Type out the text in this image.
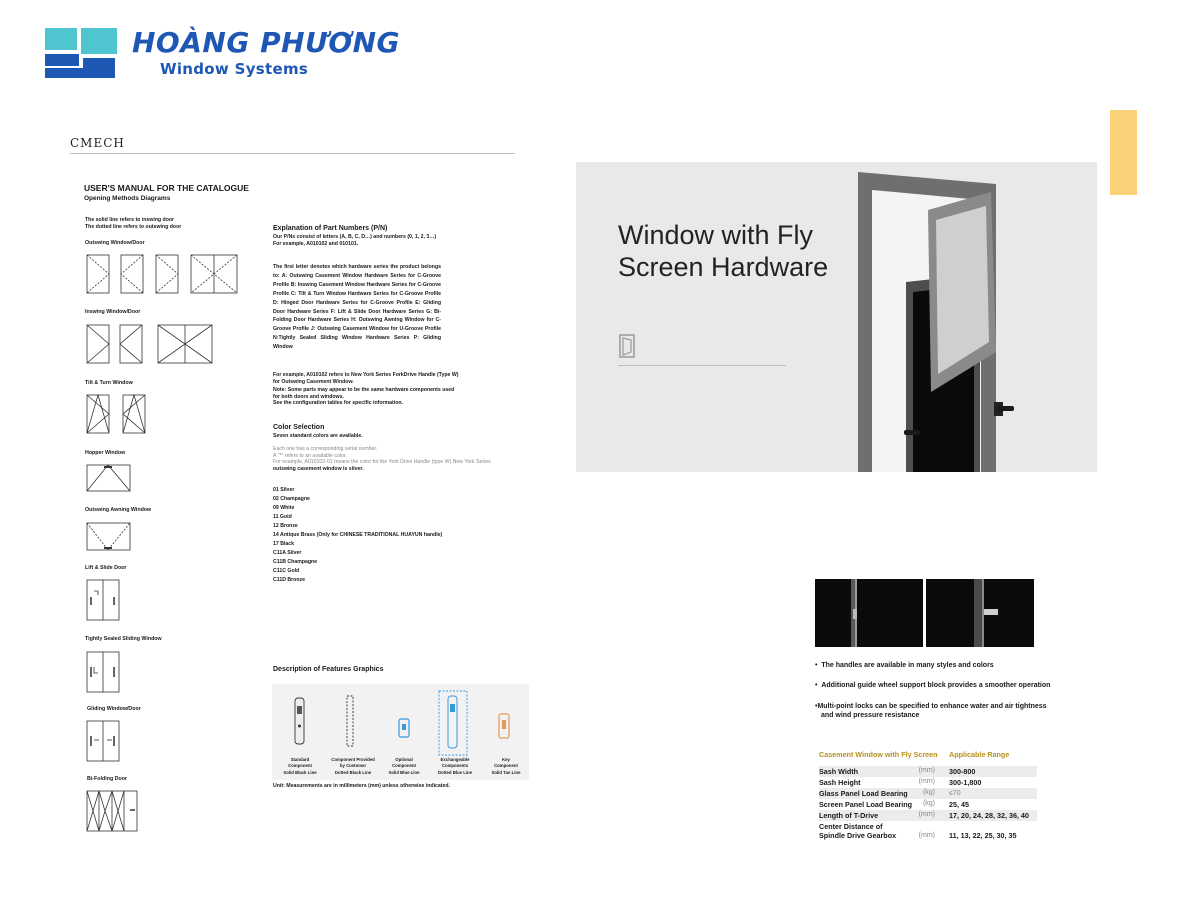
HOÀNG PHƯƠNG
Window Systems
CMECH
USER'S MANUAL FOR THE CATALOGUE
Opening Methods Diagrams
The solid line refers to inswing door
The dotted line refers to outswing door
Outswing Window/Door
Inswing Window/Door
Tilt & Turn Window
Hopper Window
Outswing Awning Window
Lift & Slide Door
Tightly Sealed Sliding Window
Gliding Window/Door
Bi-Folding Door
Explanation of Part Numbers (P/N)
Our P/Ns consist of letters (A, B, C, D…) and numbers (0, 1, 2, 3…)
For example, A010102 and 010101.
The first letter denotes which hardware series the product belongs to: A: Outswing Casement Window Hardware Series for C-Groove Profile B: Inswing Casement Window Hardware Series for C-Groove Profile C: Tilt & Turn Window Hardware Series for C-Groove Profile D: Hinged Door Hardware Series for C-Groove Profile E: Gliding Door Hardware Series F: Lift & Slide Door Hardware Series G: Bi-Folding Door Hardware Series H: Outswing Awning Window for C-Groove Profile J: Outswing Casement Window for U-Groove Profile N:Tightly Sealed Sliding Window Hardware Series P: Gliding Window
For example, A010102 refers to New York Series ForkDrive Handle (Type W)
for Outswing Casement Window.
Note: Some parts may appear to be the same hardware components used
for both doors and windows.
See the configuration tables for specific information.
Color Selection
Seven standard colors are available.
Each one has a corresponding serial number.
A "*" refers to an available color.
For example, A010102-01 means the color for the York Drive Handle (type W) New York Series
outswing casement window is silver.
01 Silver
02 Champagne
09 White
11 Gold
12 Bronze
14 Antique Brass (Only for CHINESE TRADITIONAL HUAYUN handle)
17 Black
C11A Silver
C11B Champagne
C11C Gold
C11D Bronze
Description of Features Graphics
Standard
Component
Solid Black Line
Component Provided
by Customer
Dotted Black Line
Optional
Component
Solid Blue Line
Exchangeable
Components
Dotted Blue Line
Key
Component
Solid Tan Line
Unit: Measurements are in millimeters (mm) unless otherwise indicated.
Window with Fly
Screen Hardware
•  The handles are available in many styles and colors
•  Additional guide wheel support block provides a smoother operation
•Multi-point locks can be specified to enhance water and air tightness
and wind pressure resistance
Casement Window with Fly Screen	Applicable Range

Sash Width (mm)	300-800
Sash Height (mm)	300-1,800
Glass Panel Load Bearing (kg)	≤70
Screen Panel Load Bearing (kg)	25, 45
Length of T-Drive (mm)	17, 20, 24, 28, 32, 36, 40

(mm)
Center Distance of
Spindle Drive Gearbox	11, 13, 22, 25, 30, 35
